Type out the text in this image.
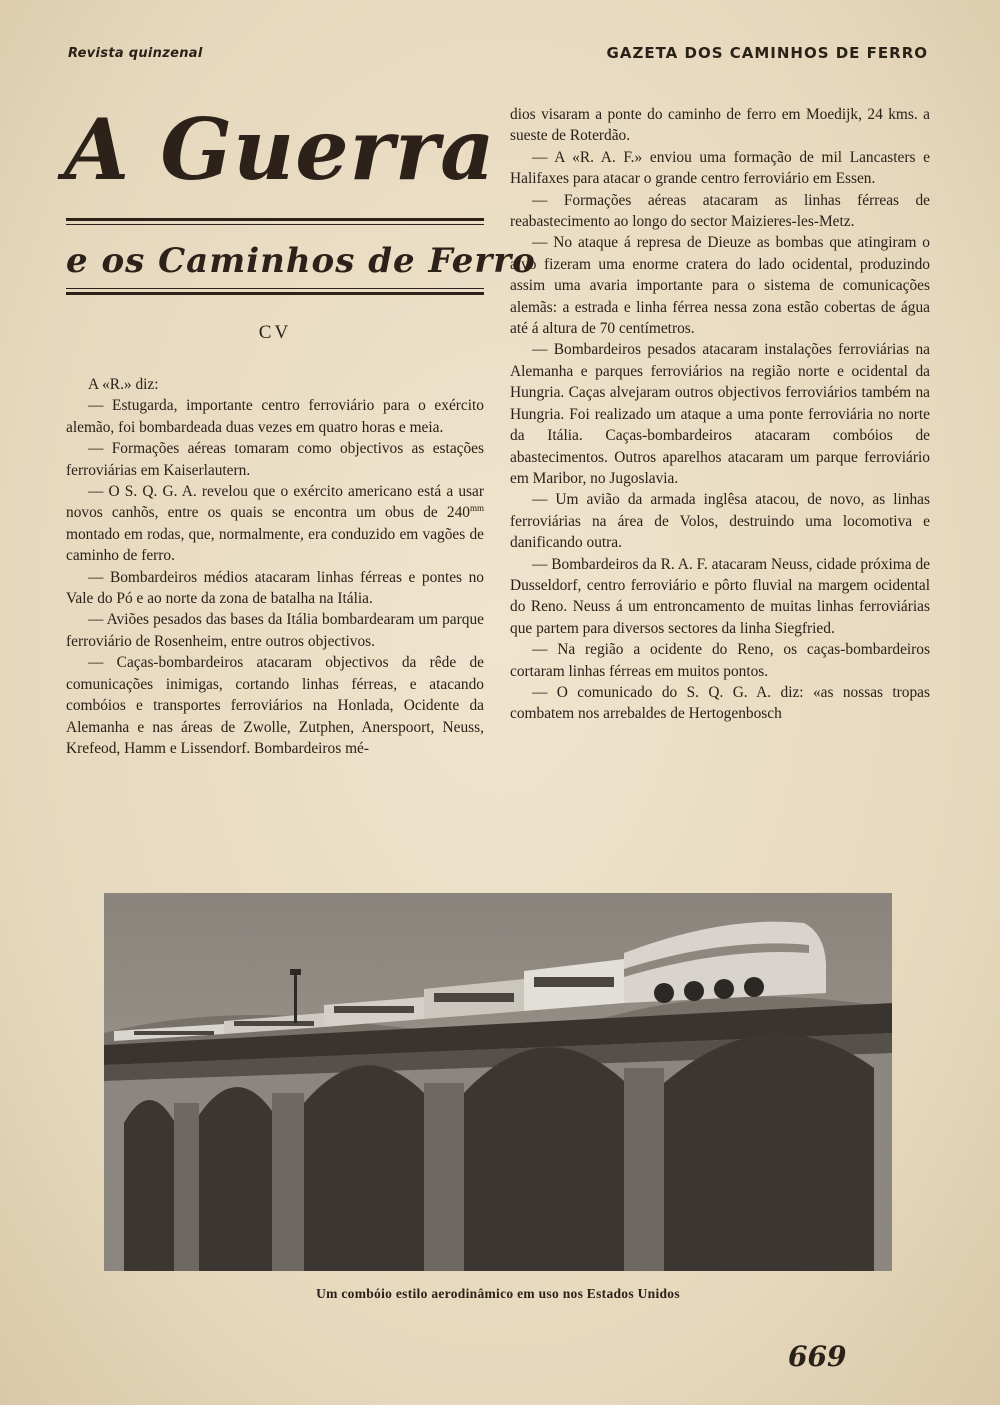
Revista quinzenal	GAZETA DOS CAMINHOS DE FERRO
A Guerra
e os Caminhos de Ferro
CV

A «R.» diz:

— Estugarda, importante centro ferroviário para o exército alemão, foi bombardeada duas vezes em quatro horas e meia.

— Formações aéreas tomaram como objectivos as estações ferroviárias em Kaiserlautern.

— O S. Q. G. A. revelou que o exército americano está a usar novos canhõs, entre os quais se encontra um obus de $240^{mm}$ montado em rodas, que, normalmente, era conduzido em vagões de caminho de ferro.

— Bombardeiros médios atacaram linhas férreas e pontes no Vale do Pó e ao norte da zona de batalha na Itália.

— Aviões pesados das bases da Itália bombardearam um parque ferroviário de Rosenheim, entre outros objectivos.

— Caças-bombardeiros atacaram objectivos da rêde de comunicações inimigas, cortando linhas férreas, e atacando combóios e transportes ferroviários na Honlada, Ocidente da Alemanha e nas áreas de Zwolle, Zutphen, Anerspoort, Neuss, Krefeod, Hamm e Lissendorf. Bombardeiros mé-

dios visaram a ponte do caminho de ferro em Moedijk, 24 kms. a sueste de Roterdão.

— A «R. A. F.» enviou uma formação de mil Lancasters e Halifaxes para atacar o grande centro ferroviário em Essen.

— Formações aéreas atacaram as linhas férreas de reabastecimento ao longo do sector Maizieres-les-Metz.

— No ataque á represa de Dieuze as bombas que atingiram o alvo fizeram uma enorme cratera do lado ocidental, produzindo assim uma avaria importante para o sistema de comunicações alemãs: a estrada e linha férrea nessa zona estão cobertas de água até á altura de 70 centímetros.

— Bombardeiros pesados atacaram instalações ferroviárias na Alemanha e parques ferroviários na região norte e ocidental da Hungria. Caças alvejaram outros objectivos ferroviários também na Hungria. Foi realizado um ataque a uma ponte ferroviária no norte da Itália. Caças-bombardeiros atacaram combóios de abastecimentos. Outros aparelhos atacaram um parque ferroviário em Maribor, no Jugoslavia.

— Um avião da armada inglêsa atacou, de novo, as linhas ferroviárias na área de Volos, destruindo uma locomotiva e danificando outra.

— Bombardeiros da R. A. F. atacaram Neuss, cidade próxima de Dusseldorf, centro ferroviário e pôrto fluvial na margem ocidental do Reno. Neuss á um entroncamento de muitas linhas ferroviárias que partem para diversos sectores da linha Siegfried.

— Na região a ocidente do Reno, os caças-bombardeiros cortaram linhas férreas em muitos pontos.

— O comunicado do S. Q. G. A. diz: «as nossas tropas combatem nos arrebaldes de Hertogenbosch

Um combóio estilo aerodinâmico em uso nos Estados Unidos
669
